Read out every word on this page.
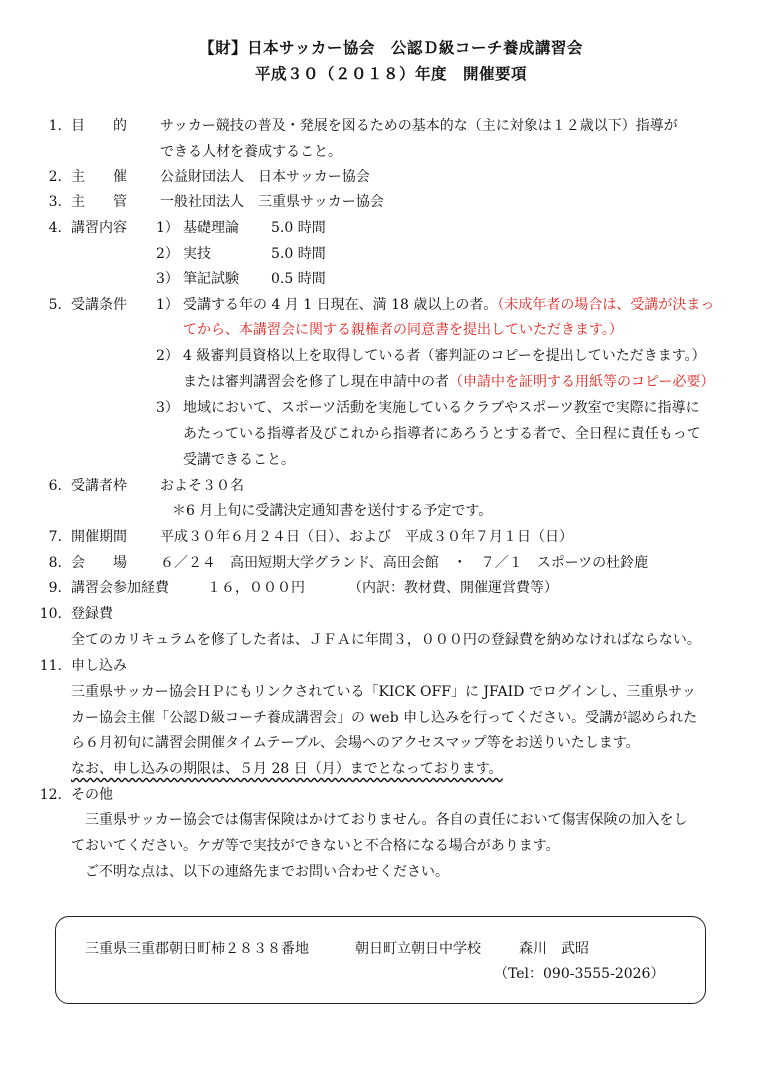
【財】日本サッカー協会　公認Ｄ級コーチ養成講習会
平成３０（２０１８）年度　開催要項
1. 目　　的 サッカー競技の普及・発展を図るための基本的な（主に対象は１２歳以下）指導が
できる人材を養成すること。
2. 主　　催 公益財団法人　日本サッカー協会
3. 主　　管 一般社団法人　三重県サッカー協会
4. 講習内容 1） 基礎理論 5.0 時間
2） 実技	5.0 時間
3） 筆記試験 0.5 時間
5. 受講条件 1） 受講する年の 4 月 1 日現在、満 18 歳以上の者。（未成年者の場合は、受講が決まっ
てから、本講習会に関する親権者の同意書を提出していただきます。）
2） 4 級審判員資格以上を取得している者（審判証のコピーを提出していただきます。）
または審判講習会を修了し現在申請中の者（申請中を証明する用紙等のコピー必要）
3） 地域において、スポーツ活動を実施しているクラブやスポーツ教室で実際に指導に
あたっている指導者及びこれから指導者にあろうとする者で、全日程に責任もって
受講できること。
6. 受講者枠 およそ３０名
＊6 月上旬に受講決定通知書を送付する予定です。
7. 開催期間 平成３０年６月２４日（日）、および　平成３０年７月１日（日）
8. 会　　場 ６／２４　高田短期大学グランド、高田会館　・　７／１　スポーツの杜鈴鹿
9. 講習会参加経費	１６，０００円	（内訳：教材費、開催運営費等）
10. 登録費
全てのカリキュラムを修了した者は、ＪＦＡに年間３，０００円の登録費を納めなければならない。
11. 申し込み
三重県サッカー協会ＨＰにもリンクされている「KICK OFF」に JFAID でログインし、三重県サッ
カー協会主催「公認Ｄ級コーチ養成講習会」の web 申し込みを行ってください。受講が認められた
ら６月初旬に講習会開催タイムテーブル、会場へのアクセスマップ等をお送りいたします。
なお、申し込みの期限は、５月 28 日（月）までとなっております。
12. その他
三重県サッカー協会では傷害保険はかけておりません。各自の責任において傷害保険の加入をし
ておいてください。ケガ等で実技ができないと不合格になる場合があります。
ご不明な点は、以下の連絡先までお問い合わせください。
三重県三重郡朝日町柿２８３８番地	朝日町立朝日中学校	森川　武昭
（Tel：090-3555-2026）
